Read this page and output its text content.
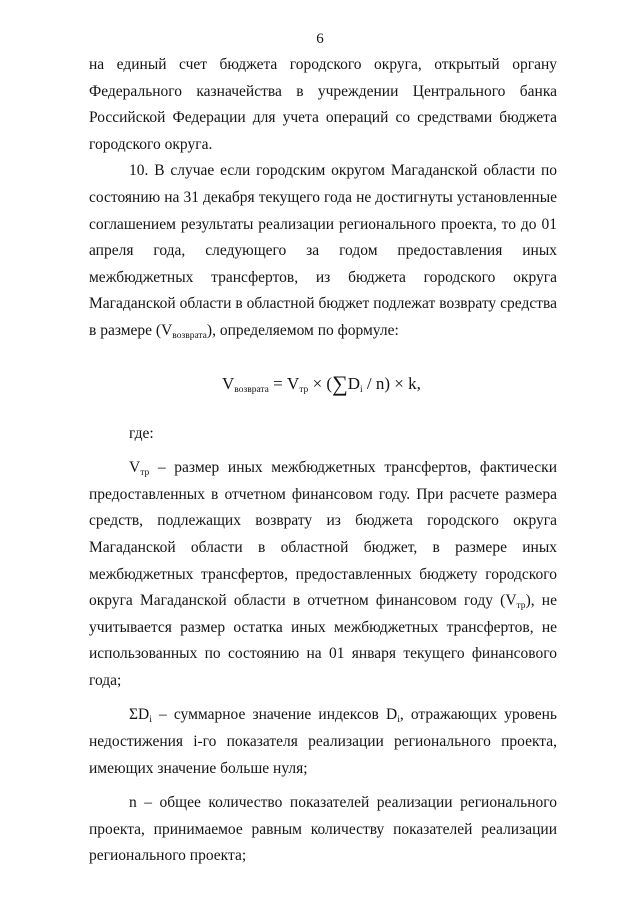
6

на единый счет бюджета городского округа, открытый органу Федерального казначейства в учреждении Центрального банка Российской Федерации для учета операций со средствами бюджета городского округа.

10. В случае если городским округом Магаданской области по состоянию на 31 декабря текущего года не достигнуты установленные соглашением результаты реализации регионального проекта, то до 01 апреля года, следующего за годом предоставления иных межбюджетных трансфертов, из бюджета городского округа Магаданской области в областной бюджет подлежат возврату средства в размере $(V_{возврата})$, определяемом по формуле:

$V_{возврата} = V_{тр} \times (\sum D_i / n) \times k$,

где:

$V_{тр}$ – размер иных межбюджетных трансфертов, фактически предоставленных в отчетном финансовом году. При расчете размера средств, подлежащих возврату из бюджета городского округа Магаданской области в областной бюджет, в размере иных межбюджетных трансфертов, предоставленных бюджету городского округа Магаданской области в отчетном финансовом году $(V_{тр})$, не учитывается размер остатка иных межбюджетных трансфертов, не использованных по состоянию на 01 января текущего финансового года;

$\Sigma D_i$ – суммарное значение индексов $D_i$, отражающих уровень недостижения i-го показателя реализации регионального проекта, имеющих значение больше нуля;

n – общее количество показателей реализации регионального проекта, принимаемое равным количеству показателей реализации регионального проекта;
